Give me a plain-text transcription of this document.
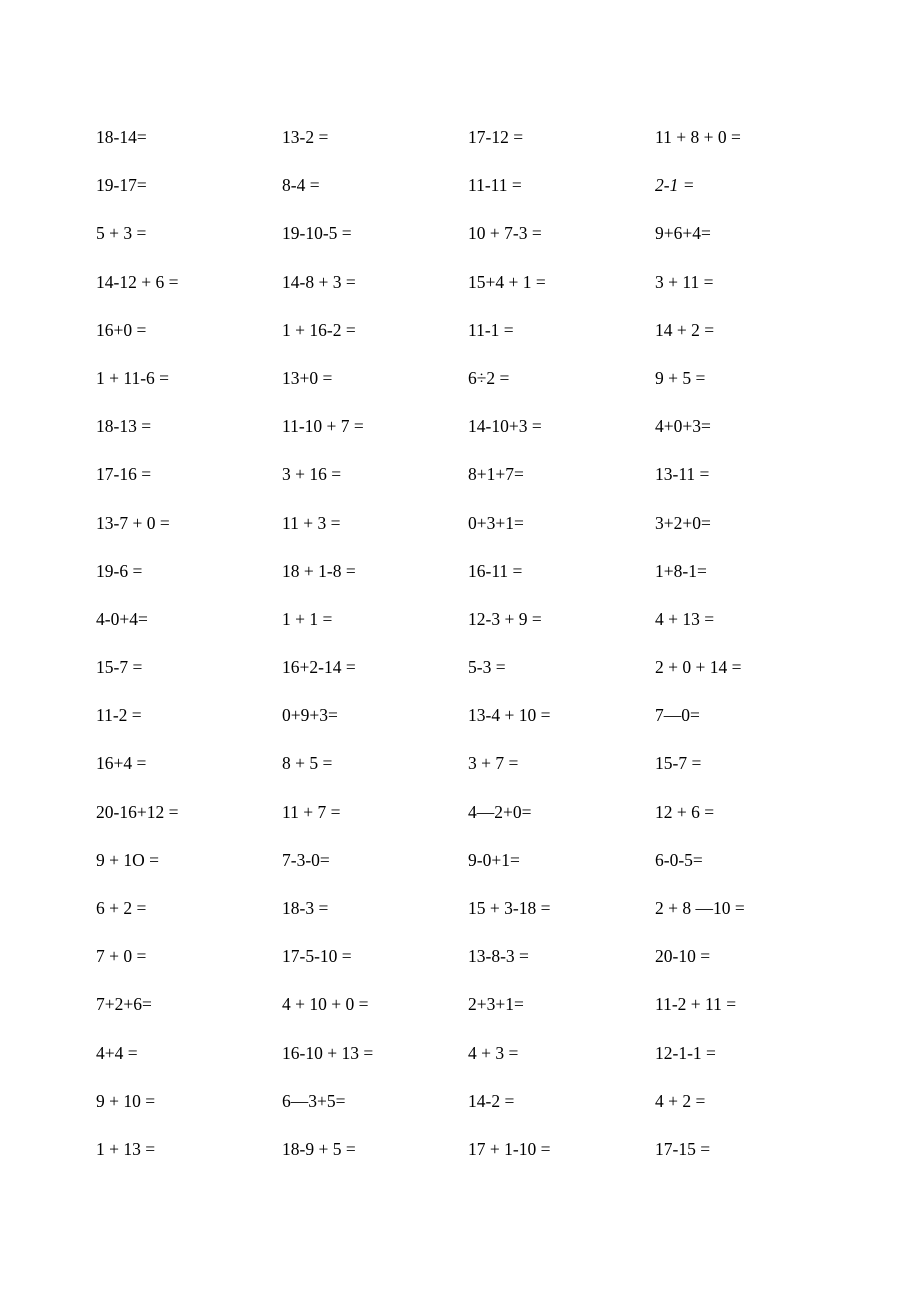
18-14=	13-2 =	17-12 =	11 + 8 + 0 =
19-17=	8-4 =	11-11 =	2-1 =
5 + 3 =	19-10-5 =	10 + 7-3 =	9+6+4=
14-12 + 6 =	14-8 + 3 =	15+4 + 1 =	3 + 11 =
16+0 =	1 + 16-2 =	11-1 =	14 + 2 =
1 + 11-6 =	13+0 =	6÷2 =	9 + 5 =
18-13 =	11-10 + 7 =	14-10+3 =	4+0+3=
17-16 =	3 + 16 =	8+1+7=	13-11 =
13-7 + 0 =	11 + 3 =	0+3+1=	3+2+0=
19-6 =	18 + 1-8 =	16-11 =	1+8-1=
4-0+4=	1 + 1 =	12-3 + 9 =	4 + 13 =
15-7 =	16+2-14 =	5-3 =	2 + 0 + 14 =
11-2 =	0+9+3=	13-4 + 10 =	7—0=
16+4 =	8 + 5 =	3 + 7 =	15-7 =
20-16+12 =	11 + 7 =	4—2+0=	12 + 6 =
9 + 1O =	7-3-0=	9-0+1=	6-0-5=
6 + 2 =	18-3 =	15 + 3-18 =	2 + 8 —10 =
7 + 0 =	17-5-10 =	13-8-3 =	20-10 =
7+2+6=	4 + 10 + 0 =	2+3+1=	11-2 + 11 =
4+4 =	16-10 + 13 =	4 + 3 =	12-1-1 =
9 + 10 =	6—3+5=	14-2 =	4 + 2 =
1 + 13 =	18-9 + 5 =	17 + 1-10 =	17-15 =
